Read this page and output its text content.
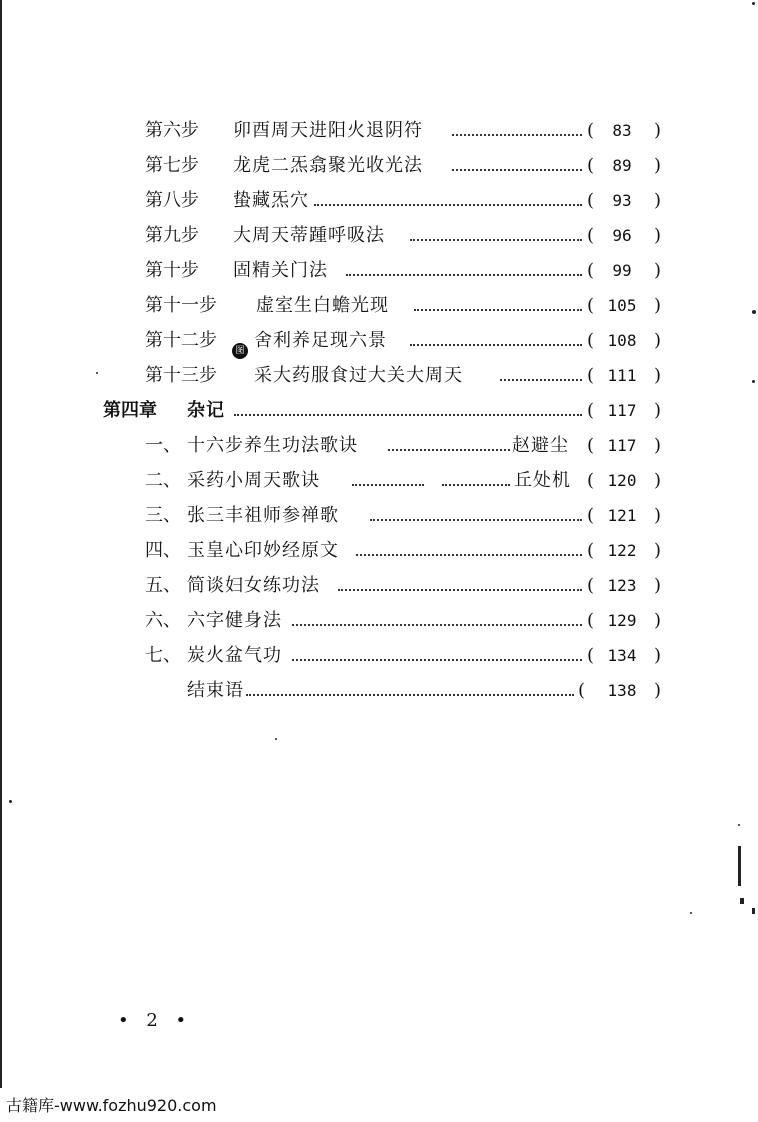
第六步 卯酉周天进阳火退阴符	(	83	)
第七步 龙虎二炁翕聚光收光法	(	89	)
第八步 蛰藏炁穴	(	93	)
第九步 大周天蒂踵呼吸法	(	96	)
第十步 固精关门法	(	99	)
第十一步 虚室生白蟾光现	( 105 )
第十二步 舍利养足现六景	( 108 )
第十三步 采大药服食过大关大周天	( 111 )
第四章 杂记	( 117 )
一、 十六步养生功法歌诀	赵避尘 ( 117 )
二、 采药小周天歌诀	丘处机 ( 120 )
三、 张三丰祖师参禅歌	( 121 )
四、 玉皇心印妙经原文	( 122 )
五、 简谈妇女练功法	( 123 )
六、 六字健身法	( 129 )
七、 炭火盆气功	( 134 )
结束语	(	138 )
图
• 2 •
古籍库-www.fozhu920.com
